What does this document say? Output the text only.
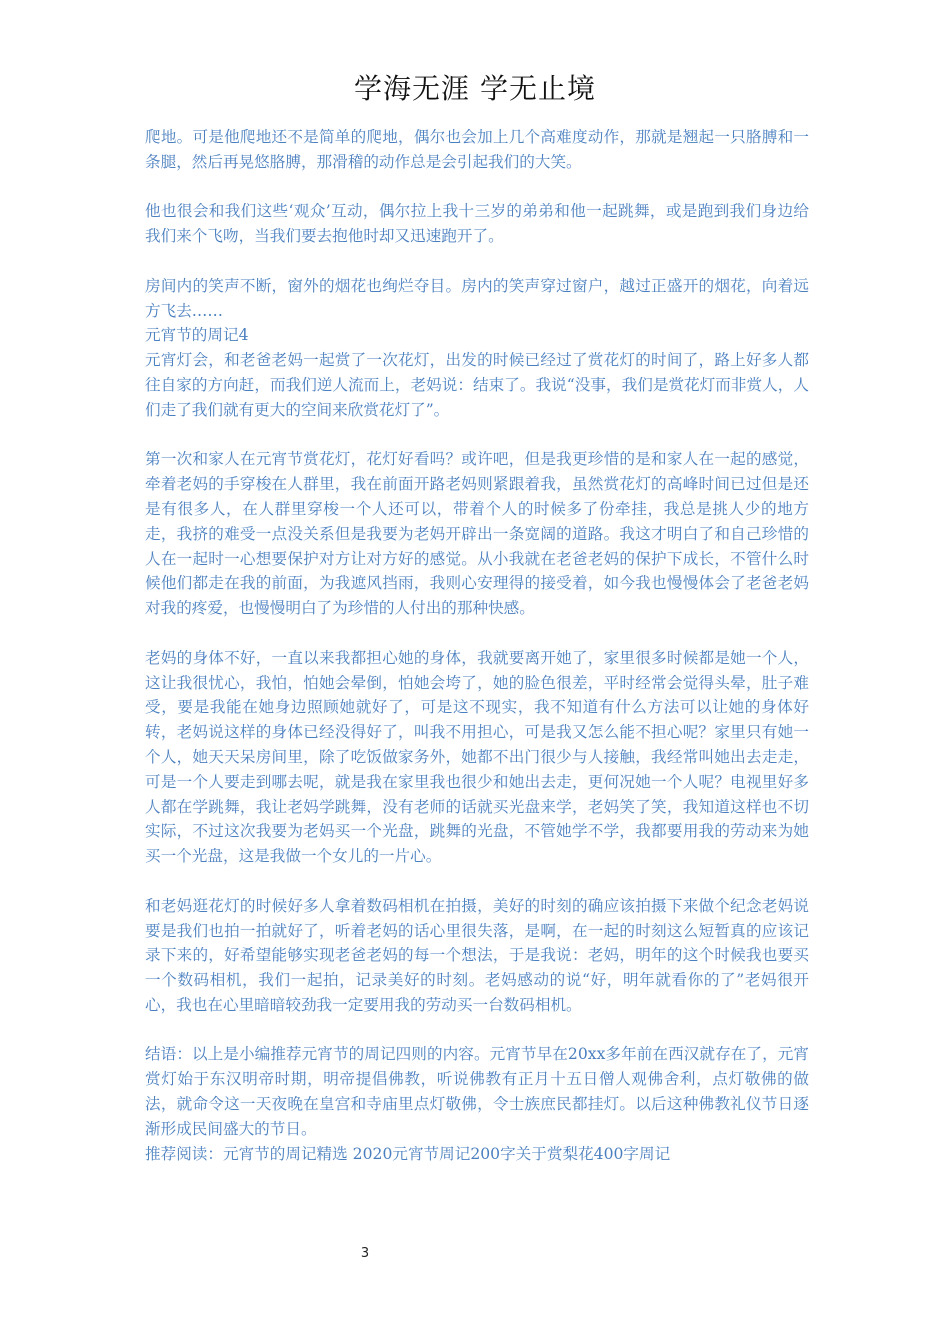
学海无涯 学无止境

爬地。可是他爬地还不是简单的爬地，偶尔也会加上几个高难度动作，那就是翘起一只胳膊和一条腿，然后再晃悠胳膊，那滑稽的动作总是会引起我们的大笑。

他也很会和我们这些‘观众’互动，偶尔拉上我十三岁的弟弟和他一起跳舞，或是跑到我们身边给我们来个飞吻，当我们要去抱他时却又迅速跑开了。

房间内的笑声不断，窗外的烟花也绚烂夺目。房内的笑声穿过窗户，越过正盛开的烟花，向着远方飞去……

元宵节的周记4

元宵灯会，和老爸老妈一起赏了一次花灯，出发的时候已经过了赏花灯的时间了，路上好多人都往自家的方向赶，而我们逆人流而上，老妈说：结束了。我说“没事，我们是赏花灯而非赏人，人们走了我们就有更大的空间来欣赏花灯了”。

第一次和家人在元宵节赏花灯，花灯好看吗？或许吧，但是我更珍惜的是和家人在一起的感觉，牵着老妈的手穿梭在人群里，我在前面开路老妈则紧跟着我，虽然赏花灯的高峰时间已过但是还是有很多人，在人群里穿梭一个人还可以，带着个人的时候多了份牵挂，我总是挑人少的地方走，我挤的难受一点没关系但是我要为老妈开辟出一条宽阔的道路。我这才明白了和自己珍惜的人在一起时一心想要保护对方让对方好的感觉。从小我就在老爸老妈的保护下成长，不管什么时候他们都走在我的前面，为我遮风挡雨，我则心安理得的接受着，如今我也慢慢体会了老爸老妈对我的疼爱，也慢慢明白了为珍惜的人付出的那种快感。

老妈的身体不好，一直以来我都担心她的身体，我就要离开她了，家里很多时候都是她一个人，这让我很忧心，我怕，怕她会晕倒，怕她会垮了，她的脸色很差，平时经常会觉得头晕，肚子难受，要是我能在她身边照顾她就好了，可是这不现实，我不知道有什么方法可以让她的身体好转，老妈说这样的身体已经没得好了，叫我不用担心，可是我又怎么能不担心呢？家里只有她一个人，她天天呆房间里，除了吃饭做家务外，她都不出门很少与人接触，我经常叫她出去走走，可是一个人要走到哪去呢，就是我在家里我也很少和她出去走，更何况她一个人呢？电视里好多人都在学跳舞，我让老妈学跳舞，没有老师的话就买光盘来学，老妈笑了笑，我知道这样也不切实际，不过这次我要为老妈买一个光盘，跳舞的光盘，不管她学不学，我都要用我的劳动来为她买一个光盘，这是我做一个女儿的一片心。

和老妈逛花灯的时候好多人拿着数码相机在拍摄，美好的时刻的确应该拍摄下来做个纪念老妈说要是我们也拍一拍就好了，听着老妈的话心里很失落，是啊，在一起的时刻这么短暂真的应该记录下来的，好希望能够实现老爸老妈的每一个想法，于是我说：老妈，明年的这个时候我也要买一个数码相机，我们一起拍，记录美好的时刻。老妈感动的说“好，明年就看你的了”老妈很开心，我也在心里暗暗较劲我一定要用我的劳动买一台数码相机。

结语：以上是小编推荐元宵节的周记四则的内容。元宵节早在20xx多年前在西汉就存在了，元宵赏灯始于东汉明帝时期，明帝提倡佛教，听说佛教有正月十五日僧人观佛舍利，点灯敬佛的做法，就命令这一天夜晚在皇宫和寺庙里点灯敬佛，令士族庶民都挂灯。以后这种佛教礼仪节日逐渐形成民间盛大的节日。

推荐阅读：元宵节的周记精选 2020元宵节周记200字关于赏梨花400字周记

3
